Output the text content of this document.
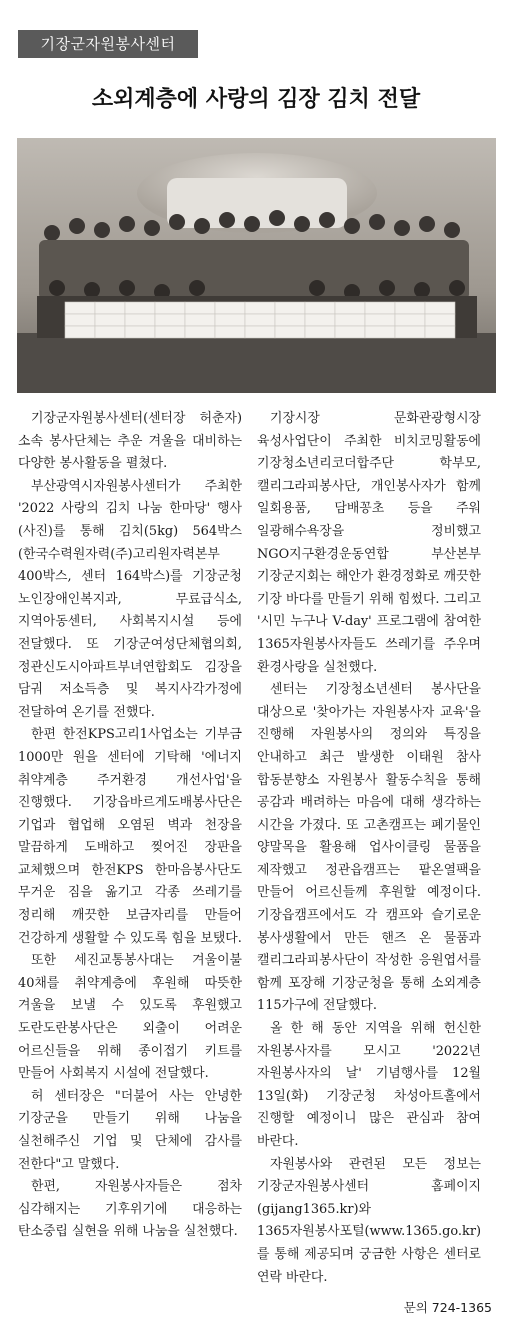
기장군자원봉사센터
소외계층에 사랑의 김장 김치 전달

기장군자원봉사센터(센터장 허춘자) 소속 봉사단체는 추운 겨울을 대비하는 다양한 봉사활동을 펼쳤다.

부산광역시자원봉사센터가 주최한 '2022 사랑의 김치 나눔 한마당' 행사(사진)를 통해 김치(5kg) 564박스(한국수력원자력(주)고리원자력본부 400박스, 센터 164박스)를 기장군청 노인장애인복지과, 무료급식소, 지역아동센터, 사회복지시설 등에 전달했다. 또 기장군여성단체협의회, 정관신도시아파트부녀연합회도 김장을 담궈 저소득층 및 복지사각가정에 전달하여 온기를 전했다.

한편 한전KPS고리1사업소는 기부금 1000만 원을 센터에 기탁해 '에너지 취약계층 주거환경 개선사업'을 진행했다. 기장읍바르게도배봉사단은 기업과 협업해 오염된 벽과 천장을 말끔하게 도배하고 찢어진 장판을 교체했으며 한전KPS 한마음봉사단도 무거운 짐을 옮기고 각종 쓰레기를 정리해 깨끗한 보금자리를 만들어 건강하게 생활할 수 있도록 힘을 보탰다.

또한 세진교통봉사대는 겨울이불 40채를 취약계층에 후원해 따뜻한 겨울을 보낼 수 있도록 후원했고 도란도란봉사단은 외출이 어려운 어르신들을 위해 종이접기 키트를 만들어 사회복지 시설에 전달했다.

허 센터장은 "더불어 사는 안녕한 기장군을 만들기 위해 나눔을 실천해주신 기업 및 단체에 감사를 전한다"고 말했다.

한편, 자원봉사자들은 점차 심각해지는 기후위기에 대응하는 탄소중립 실현을 위해 나눔을 실천했다.

기장시장 문화관광형시장 육성사업단이 주최한 비치코밍활동에 기장청소년리코더합주단 학부모, 캘리그라피봉사단, 개인봉사자가 함께 일회용품, 담배꽁초 등을 주워 일광해수욕장을 정비했고 NGO지구환경운동연합 부산본부 기장군지회는 해안가 환경정화로 깨끗한 기장 바다를 만들기 위해 힘썼다. 그리고 '시민 누구나 V-day' 프로그램에 참여한 1365자원봉사자들도 쓰레기를 주우며 환경사랑을 실천했다.

센터는 기장청소년센터 봉사단을 대상으로 '찾아가는 자원봉사자 교육'을 진행해 자원봉사의 정의와 특징을 안내하고 최근 발생한 이태원 참사 합동분향소 자원봉사 활동수칙을 통해 공감과 배려하는 마음에 대해 생각하는 시간을 가졌다. 또 고촌캠프는 폐기물인 양말목을 활용해 업사이클링 물품을 제작했고 정관읍캠프는 팥온열팩을 만들어 어르신들께 후원할 예정이다. 기장읍캠프에서도 각 캠프와 슬기로운 봉사생활에서 만든 핸즈 온 물품과 캘리그라피봉사단이 작성한 응원엽서를 함께 포장해 기장군청을 통해 소외계층 115가구에 전달했다.

올 한 해 동안 지역을 위해 헌신한 자원봉사자를 모시고 '2022년 자원봉사자의 날' 기념행사를 12월 13일(화) 기장군청 차성아트홀에서 진행할 예정이니 많은 관심과 참여 바란다.

자원봉사와 관련된 모든 정보는 기장군자원봉사센터 홈페이지(gijang1365.kr)와 1365자원봉사포털(www.1365.go.kr)를 통해 제공되며 궁금한 사항은 센터로 연락 바란다.

문의 724-1365
